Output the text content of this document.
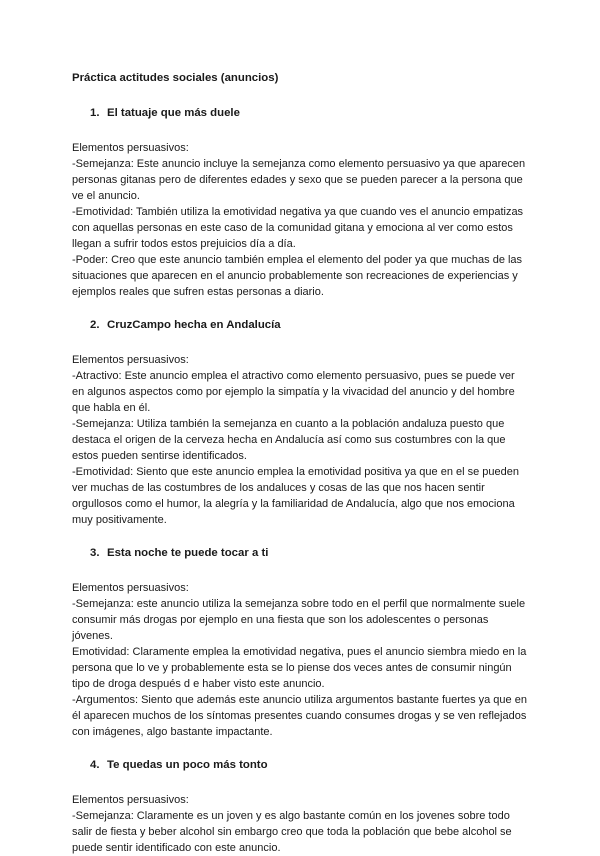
Práctica actitudes sociales (anuncios)
1. El tatuaje que más duele

Elementos persuasivos:

-Semejanza: Este anuncio incluye la semejanza como elemento persuasivo ya que aparecen personas gitanas pero de diferentes edades y sexo que se pueden parecer a la persona que ve el anuncio.

-Emotividad: También utiliza la emotividad negativa ya que cuando ves el anuncio empatizas con aquellas personas en este caso de la comunidad gitana y emociona al ver como estos llegan a sufrir todos estos prejuicios día a día.

-Poder: Creo que este anuncio también emplea el elemento del poder ya que muchas de las situaciones que aparecen en el anuncio probablemente son recreaciones de experiencias y ejemplos reales que sufren estas personas a diario.

2. CruzCampo hecha en Andalucía

Elementos persuasivos:

-Atractivo: Este anuncio emplea el atractivo como elemento persuasivo, pues se puede ver en algunos aspectos como por ejemplo la simpatía y la vivacidad del anuncio y del hombre que habla en él.

-Semejanza: Utiliza también la semejanza en cuanto a la población andaluza puesto que destaca el origen de la cerveza hecha en Andalucía así como sus costumbres con la que estos pueden sentirse identificados.

-Emotividad: Siento que este anuncio emplea la emotividad positiva ya que en el se pueden ver muchas de las costumbres de los andaluces y cosas de las que nos hacen sentir orgullosos como el humor, la alegría y la familiaridad de Andalucía, algo que nos emociona muy positivamente.

3. Esta noche te puede tocar a ti

Elementos persuasivos:

-Semejanza: este anuncio utiliza la semejanza sobre todo en el perfil que normalmente suele consumir más drogas por ejemplo en una fiesta que son los adolescentes o personas jóvenes.

Emotividad: Claramente emplea la emotividad negativa, pues el anuncio siembra miedo en la persona que lo ve y probablemente esta se lo piense dos veces antes de consumir ningún tipo de droga después d e haber visto este anuncio.

-Argumentos: Siento que además este anuncio utiliza argumentos bastante fuertes ya que en él aparecen muchos de los síntomas presentes cuando consumes drogas y se ven reflejados con imágenes, algo bastante impactante.

4. Te quedas un poco más tonto

Elementos persuasivos:

-Semejanza: Claramente es un joven y es algo bastante común en los jovenes sobre todo salir de fiesta y beber alcohol sin embargo creo que toda la población que bebe alcohol se puede sentir identificado con este anuncio.
